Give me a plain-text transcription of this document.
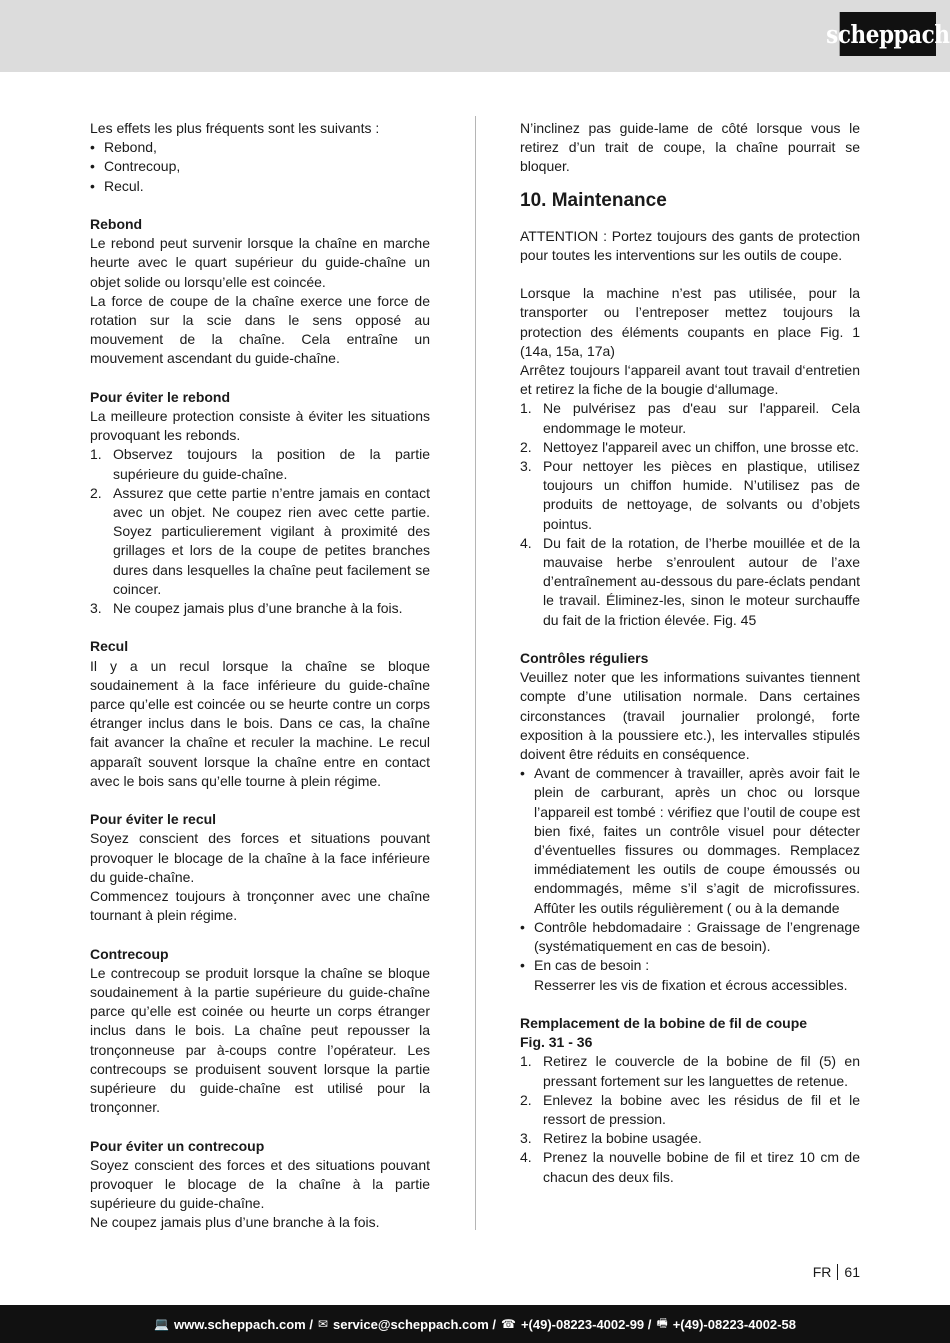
scheppach
Les effets les plus fréquents sont les suivants :
• Rebond,
• Contrecoup,
• Recul.
Rebond
Le rebond peut survenir lorsque la chaîne en marche heurte avec le quart supérieur du guide-chaîne un objet solide ou lorsqu’elle est coincée.
La force de coupe de la chaîne exerce une force de rotation sur la scie dans le sens opposé au mouvement de la chaîne. Cela entraîne un mouvement ascendant du guide-chaîne.
Pour éviter le rebond
La meilleure protection consiste à éviter les situations provoquant les rebonds.
1. Observez toujours la position de la partie supérieure du guide-chaîne.
2. Assurez que cette partie n’entre jamais en contact avec un objet. Ne coupez rien avec cette partie. Soyez particulierement vigilant à proximité des grillages et lors de la coupe de petites branches dures dans lesquelles la chaîne peut facilement se coincer.
3. Ne coupez jamais plus d’une branche à la fois.
Recul
Il y a un recul lorsque la chaîne se bloque soudainement à la face inférieure du guide-chaîne parce qu’elle est coincée ou se heurte contre un corps étranger inclus dans le bois. Dans ce cas, la chaîne fait avancer la chaîne et reculer la machine. Le recul apparaît souvent lorsque la chaîne entre en contact avec le bois sans qu’elle tourne à plein régime.
Pour éviter le recul
Soyez conscient des forces et situations pouvant provoquer le blocage de la chaîne à la face inférieure du guide-chaîne.
Commencez toujours à tronçonner avec une chaîne tournant à plein régime.
Contrecoup
Le contrecoup se produit lorsque la chaîne se bloque soudainement à la partie supérieure du guide-chaîne parce qu’elle est coinée ou heurte un corps étranger inclus dans le bois. La chaîne peut repousser la tronçonneuse par à-coups contre l’opérateur. Les contrecoups se produisent souvent lorsque la partie supérieure du guide-chaîne est utilisé pour la tronçonner.
Pour éviter un contrecoup
Soyez conscient des forces et des situations pouvant provoquer le blocage de la chaîne à la partie supérieure du guide-chaîne.
Ne coupez jamais plus d’une branche à la fois.
N’inclinez pas guide-lame de côté lorsque vous le retirez d’un trait de coupe, la chaîne pourrait se bloquer.
10. Maintenance
ATTENTION : Portez toujours des gants de protection pour toutes les interventions sur les outils de coupe.
Lorsque la machine n’est pas utilisée, pour la transporter ou l’entreposer mettez toujours la protection des éléments coupants en place Fig. 1 (14a, 15a, 17a)
Arrêtez toujours l‘appareil avant tout travail d‘entretien et retirez la fiche de la bougie d‘allumage.
1. Ne pulvérisez pas d'eau sur l'appareil. Cela endommage le moteur.
2. Nettoyez l'appareil avec un chiffon, une brosse etc.
3. Pour nettoyer les pièces en plastique, utilisez toujours un chiffon humide. N’utilisez pas de produits de nettoyage, de solvants ou d’objets pointus.
4. Du fait de la rotation, de l’herbe mouillée et de la mauvaise herbe s’enroulent autour de l’axe d’entraînement au-dessous du pare-éclats pendant le travail. Éliminez-les, sinon le moteur surchauffe du fait de la friction élevée. Fig. 45
Contrôles réguliers
Veuillez noter que les informations suivantes tiennent compte d’une utilisation normale. Dans certaines circonstances (travail journalier prolongé, forte exposition à la poussiere etc.), les intervalles stipulés doivent être réduits en conséquence.
• Avant de commencer à travailler, après avoir fait le plein de carburant, après un choc ou lorsque l’appareil est tombé : vérifiez que l’outil de coupe est bien fixé, faites un contrôle visuel pour détecter d’éventuelles fissures ou dommages. Remplacez immédiatement les outils de coupe émoussés ou endommagés, même s’il s’agit de microfissures. Affûter les outils régulièrement ( ou à la demande
• Contrôle hebdomadaire : Graissage de l’engrenage (systématiquement en cas de besoin).
• En cas de besoin :
Resserrer les vis de fixation et écrous accessibles.
Remplacement de la bobine de fil de coupe
Fig. 31 - 36
1. Retirez le couvercle de la bobine de fil (5) en pressant fortement sur les languettes de retenue.
2. Enlevez la bobine avec les résidus de fil et le ressort de pression.
3. Retirez la bobine usagée.
4. Prenez la nouvelle bobine de fil et tirez 10 cm de chacun des deux fils.
FR 61
💻 www.scheppach.com / ✉ service@scheppach.com / ☎ +(49)-08223-4002-99 / 🖷 +(49)-08223-4002-58
